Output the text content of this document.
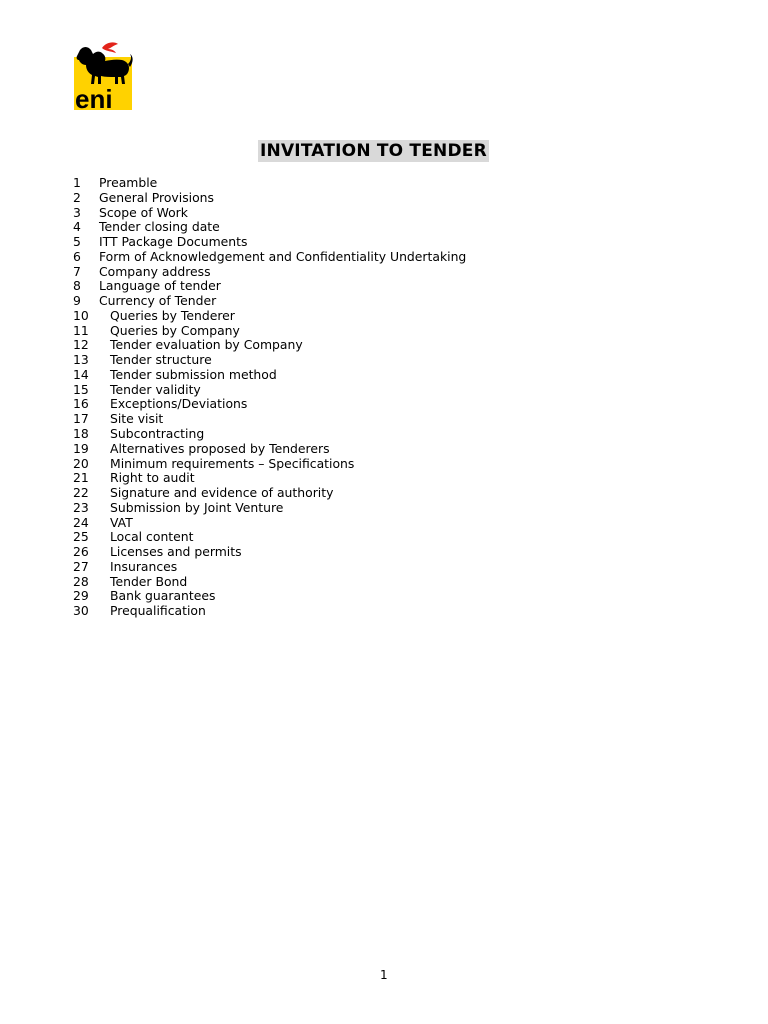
eni
INVITATION TO TENDER
1 Preamble
2 General Provisions
3 Scope of Work
4 Tender closing date
5 ITT Package Documents
6 Form of Acknowledgement and Confidentiality Undertaking
7 Company address
8 Language of tender
9 Currency of Tender
10 Queries by Tenderer
11 Queries by Company
12 Tender evaluation by Company
13 Tender structure
14 Tender submission method
15 Tender validity
16 Exceptions/Deviations
17 Site visit
18 Subcontracting
19 Alternatives proposed by Tenderers
20 Minimum requirements – Specifications
21 Right to audit
22 Signature and evidence of authority
23 Submission by Joint Venture
24 VAT
25 Local content
26 Licenses and permits
27 Insurances
28 Tender Bond
29 Bank guarantees
30 Prequalification
1
